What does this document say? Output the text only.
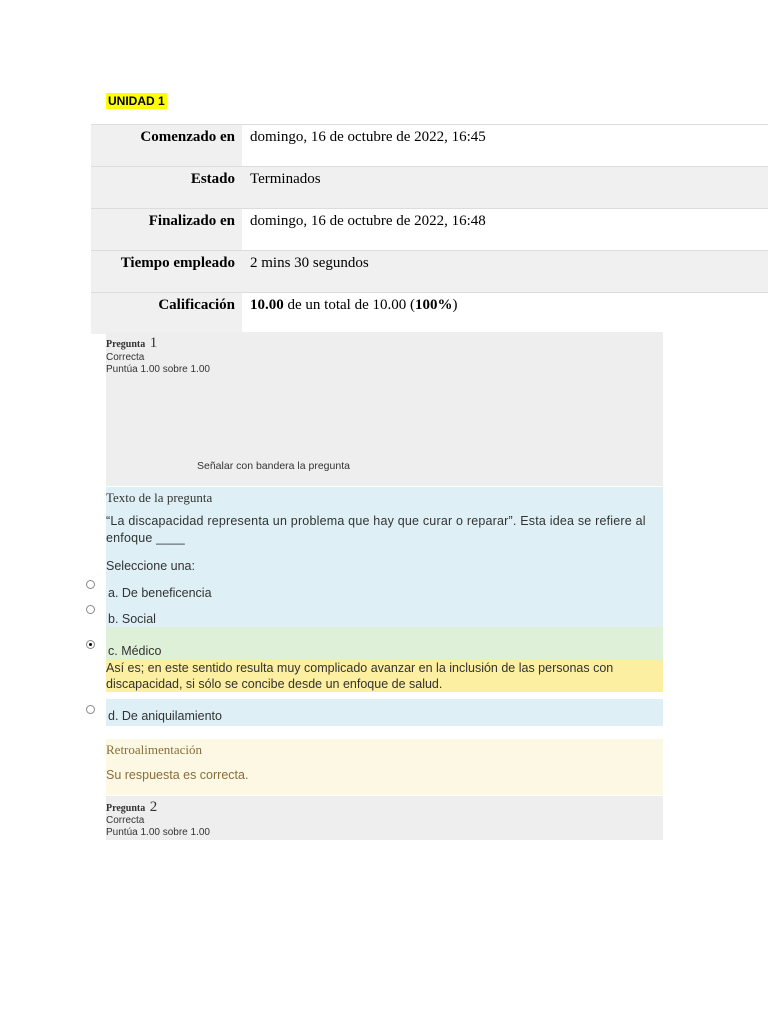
UNIDAD 1
Comenzado en	domingo, 16 de octubre de 2022, 16:45
Estado	Terminados
Finalizado en	domingo, 16 de octubre de 2022, 16:48
Tiempo empleado	2 mins 30 segundos
Calificación	10.00 de un total de 10.00 (100%)
Pregunta 1
Correcta
Puntúa 1.00 sobre 1.00
Señalar con bandera la pregunta
Texto de la pregunta
“La discapacidad representa un problema que hay que curar o reparar”. Esta idea se refiere al enfoque ____
Seleccione una:
a. De beneficencia
b. Social
c. Médico
Así es; en este sentido resulta muy complicado avanzar en la inclusión de las personas con discapacidad, si sólo se concibe desde un enfoque de salud.
d. De aniquilamiento
Retroalimentación
Su respuesta es correcta.
Pregunta 2
Correcta
Puntúa 1.00 sobre 1.00
